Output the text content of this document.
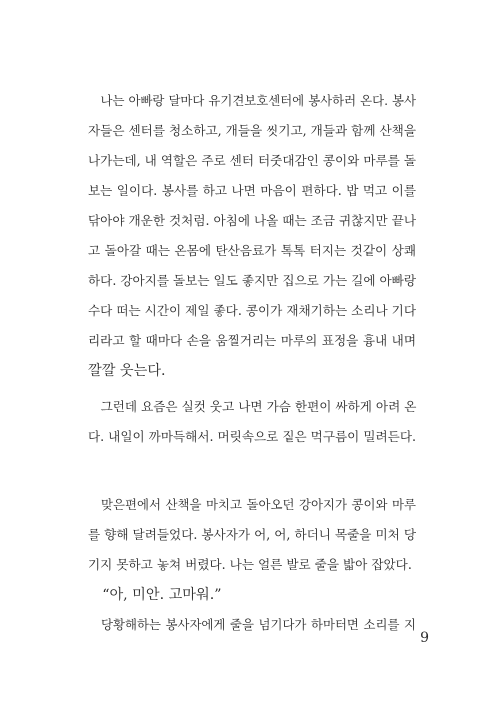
　나는 아빠랑 달마다 유기견보호센터에 봉사하러 온다. 봉사
자들은 센터를 청소하고, 개들을 씻기고, 개들과 함께 산책을
나가는데, 내 역할은 주로 센터 터줏대감인 콩이와 마루를 돌
보는 일이다. 봉사를 하고 나면 마음이 편하다. 밥 먹고 이를
닦아야 개운한 것처럼. 아침에 나올 때는 조금 귀찮지만 끝나
고 돌아갈 때는 온몸에 탄산음료가 톡톡 터지는 것같이 상쾌
하다. 강아지를 돌보는 일도 좋지만 집으로 가는 길에 아빠랑
수다 떠는 시간이 제일 좋다. 콩이가 재채기하는 소리나 기다
리라고 할 때마다 손을 움찔거리는 마루의 표정을 흉내 내며
깔깔 웃는다.
　그런데 요즘은 실컷 웃고 나면 가슴 한편이 싸하게 아려 온
다. 내일이 까마득해서. 머릿속으로 짙은 먹구름이 밀려든다.
　맞은편에서 산책을 마치고 돌아오던 강아지가 콩이와 마루
를 향해 달려들었다. 봉사자가 어, 어, 하더니 목줄을 미처 당
기지 못하고 놓쳐 버렸다. 나는 얼른 발로 줄을 밟아 잡았다.
　“아, 미안. 고마워.”
　당황해하는 봉사자에게 줄을 넘기다가 하마터면 소리를 지
9
